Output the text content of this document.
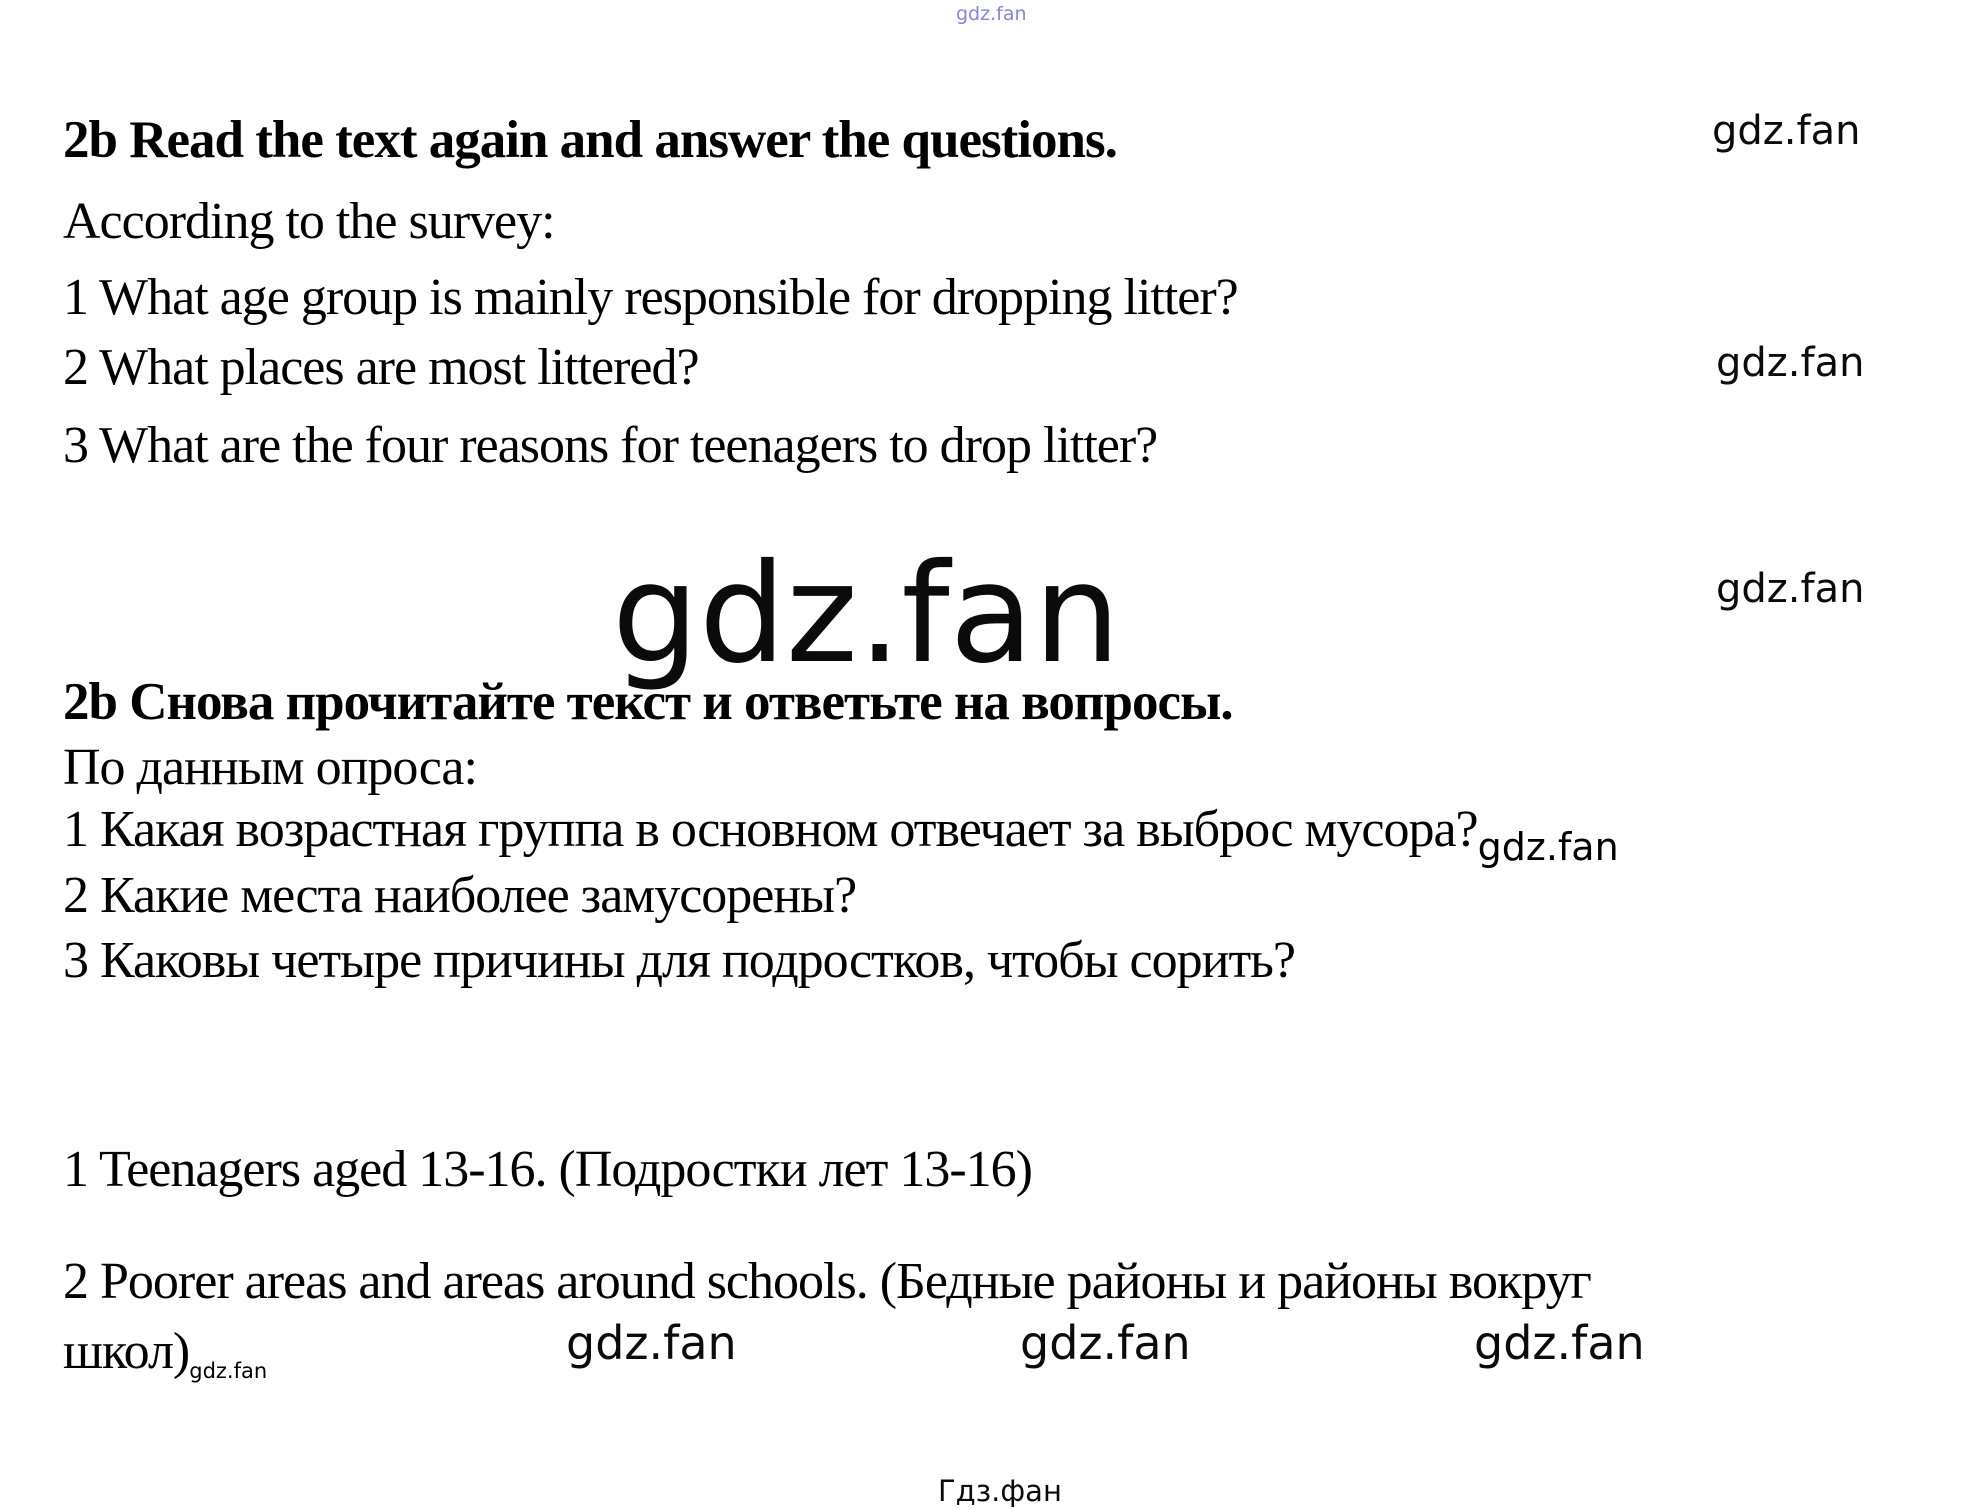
gdz.fan
2b Read the text again and answer the questions.	gdz.fan
According to the survey:
1 What age group is mainly responsible for dropping litter?
2 What places are most littered?	gdz.fan
3 What are the four reasons for teenagers to drop litter?
gdz.fan	gdz.fan
2b Снова прочитайте текст и ответьте на вопросы.
По данным опроса:
1 Какая возрастная группа в основном отвечает за выброс $мусора?_{gdz.fan}$
2 Какие места наиболее замусорены?
3 Каковы четыре причины для подростков, чтобы сорить?
1 Teenagers aged 13-16. (Подростки лет 13-16)
2 Poorer areas and areas around schools. (Бедные районы и районы вокруг
школ)gdz.fan
gdz.fan	gdz.fan	gdz.fan
Гдз.фан
